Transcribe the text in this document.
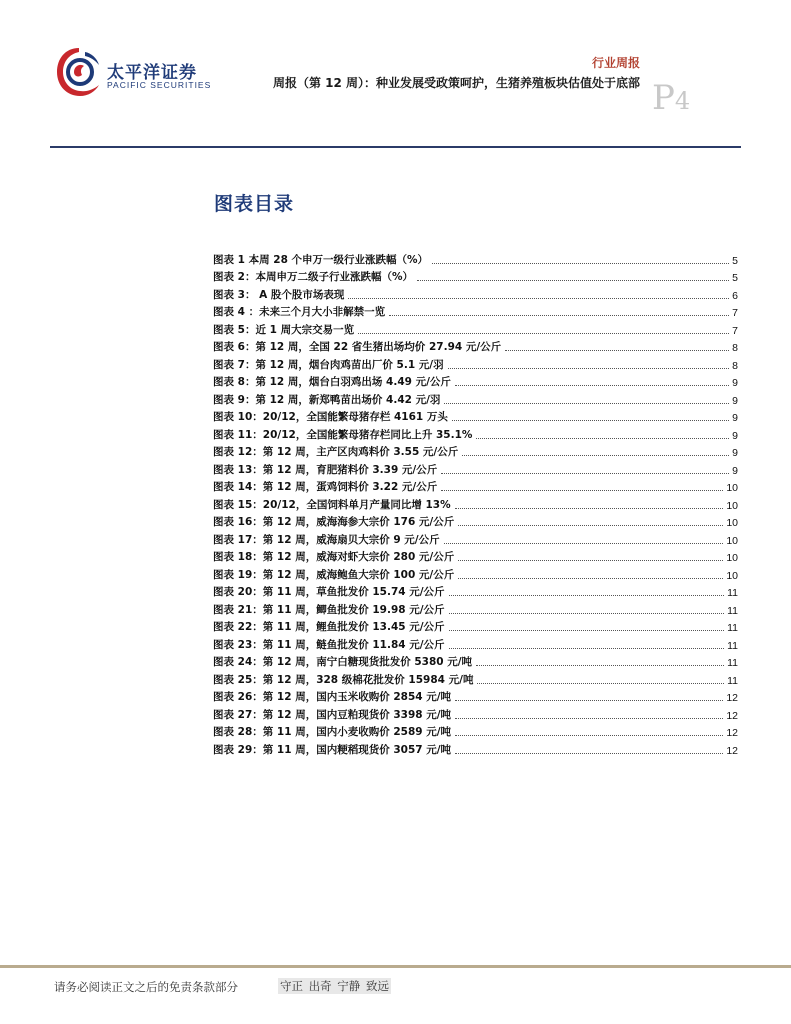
太平洋证券
PACIFIC SECURITIES
行业周报
周报（第 12 周）：种业发展受政策呵护，生猪养殖板块估值处于底部 P4
图表目录
图表 1 本周 28 个申万一级行业涨跌幅（%）	5
图表 2：本周申万二级子行业涨跌幅（%）	5
图表 3： A 股个股市场表现	6
图表 4 ：未来三个月大小非解禁一览	7
图表 5：近 1 周大宗交易一览	7
图表 6：第 12 周，全国 22 省生猪出场均价 27.94 元/公斤	8
图表 7：第 12 周，烟台肉鸡苗出厂价 5.1 元/羽	8
图表 8：第 12 周，烟台白羽鸡出场 4.49 元/公斤	9
图表 9：第 12 周，新郑鸭苗出场价 4.42 元/羽	9
图表 10：20/12，全国能繁母猪存栏 4161 万头	9
图表 11：20/12，全国能繁母猪存栏同比上升 35.1%	9
图表 12：第 12 周，主产区肉鸡料价 3.55 元/公斤	9
图表 13：第 12 周，育肥猪料价 3.39 元/公斤	9
图表 14：第 12 周，蛋鸡饲料价 3.22 元/公斤	10
图表 15：20/12，全国饲料单月产量同比增 13%	10
图表 16：第 12 周，威海海参大宗价 176 元/公斤	10
图表 17：第 12 周，威海扇贝大宗价 9 元/公斤	10
图表 18：第 12 周，威海对虾大宗价 280 元/公斤	10
图表 19：第 12 周，威海鲍鱼大宗价 100 元/公斤	10
图表 20：第 11 周，草鱼批发价 15.74 元/公斤	11
图表 21：第 11 周，鲫鱼批发价 19.98 元/公斤	11
图表 22：第 11 周，鲤鱼批发价 13.45 元/公斤	11
图表 23：第 11 周，鲢鱼批发价 11.84 元/公斤	11
图表 24：第 12 周，南宁白糖现货批发价 5380 元/吨	11
图表 25：第 12 周，328 级棉花批发价 15984 元/吨	11
图表 26：第 12 周，国内玉米收购价 2854 元/吨	12
图表 27：第 12 周，国内豆粕现货价 3398 元/吨	12
图表 28：第 11 周，国内小麦收购价 2589 元/吨	12
图表 29：第 11 周，国内粳稻现货价 3057 元/吨	12
请务必阅读正文之后的免责条款部分	守正 出奇 宁静 致远
